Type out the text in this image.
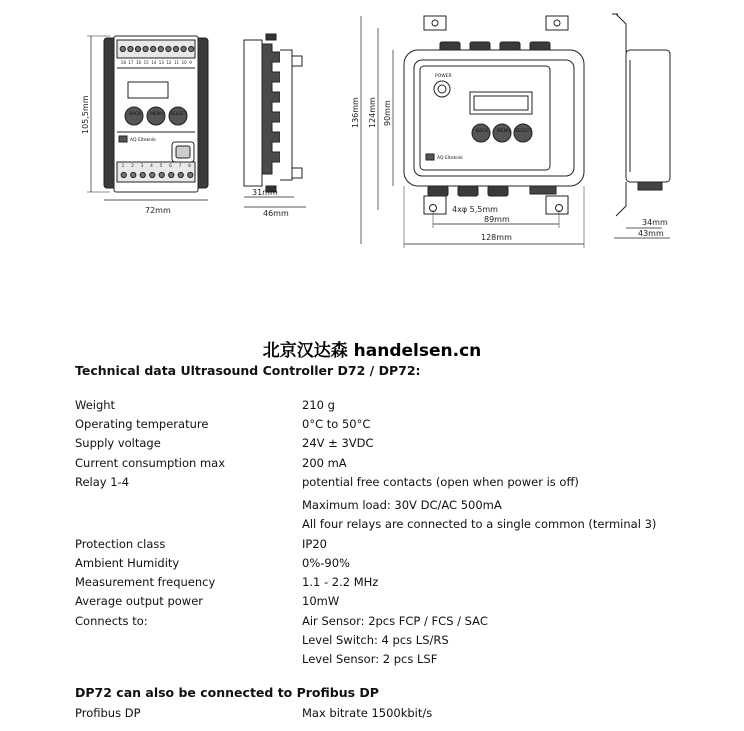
18 17 16 15 14 13 12 11 10 9
1 2 3 4 5 6 7 8
BACK MENU SELECT
AQ Elteknik
POWER
BACK MENU SELECT
AQ Elteknik
72mm
105,5mm
31mm
46mm
136mm 124mm 90mm
4xφ 5,5mm
89mm
128mm
34mm
43mm
北京汉达森 handelsen.cn
Technical data Ultrasound Controller D72 / DP72:
Weight	210 g
Operating temperature	0°C to 50°C
Supply voltage	24V ± 3VDC
Current consumption max	200 mA
Relay 1-4	potential free contacts (open when power is off)
Maximum load: 30V DC/AC 500mA
All four relays are connected to a single common (terminal 3)
Protection class	IP20
Ambient Humidity	0%-90%
Measurement frequency	1.1 - 2.2 MHz
Average output power	10mW
Connects to:	Air Sensor: 2pcs FCP / FCS / SAC
Level Switch: 4 pcs LS/RS
Level Sensor: 2 pcs LSF
DP72 can also be connected to Profibus DP
Profibus DP	Max bitrate 1500kbit/s
